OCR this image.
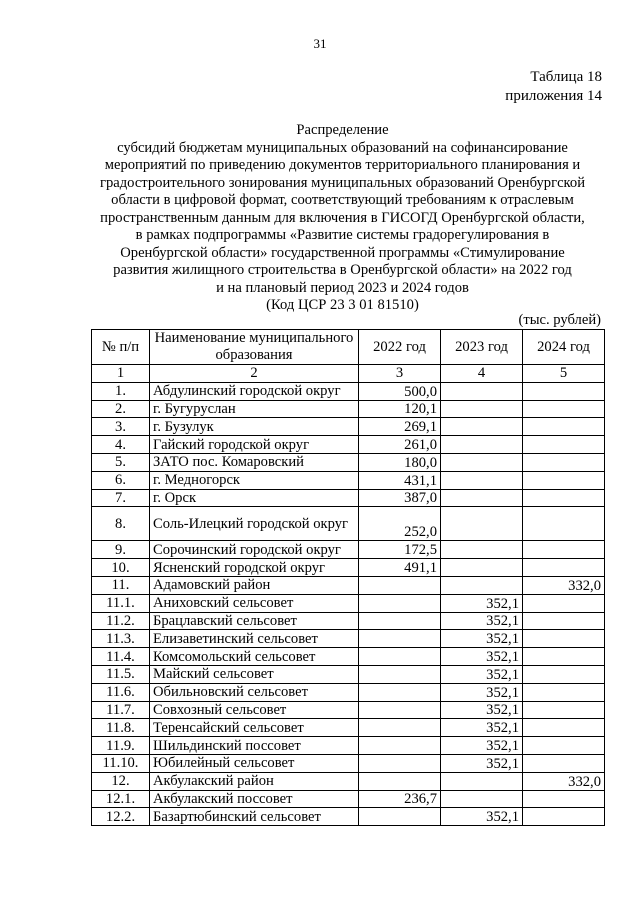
31
Таблица 18
приложения 14
Распределение
субсидий бюджетам муниципальных образований на софинансирование
мероприятий по приведению документов территориального планирования и
градостроительного зонирования муниципальных образований Оренбургской
области в цифровой формат, соответствующий требованиям к отраслевым
пространственным данным для включения в ГИСОГД Оренбургской области,
в рамках подпрограммы «Развитие системы градорегулирования в
Оренбургской области» государственной программы «Стимулирование
развития жилищного строительства в Оренбургской области» на 2022 год
и на плановый период 2023 и 2024 годов
(Код ЦСР 23 3 01 81510)
(тыс. рублей)
№ п/п	Наименование муниципального образования	2022 год	2023 год	2024 год
1	2	3	4	5
1.	Абдулинский городской округ	500,0		
2.	г. Бугуруслан	120,1		
3.	г. Бузулук	269,1		
4.	Гайский городской округ	261,0		
5.	ЗАТО пос. Комаровский	180,0		
6.	г. Медногорск	431,1		
7.	г. Орск	387,0		
8.	Соль-Илецкий городской округ	252,0		
9.	Сорочинский городской округ	172,5		
10.	Ясненский городской округ	491,1		
11.	Адамовский район			332,0
11.1.	Аниховский сельсовет		352,1	
11.2.	Брацлавский сельсовет		352,1	
11.3.	Елизаветинский сельсовет		352,1	
11.4.	Комсомольский сельсовет		352,1	
11.5.	Майский сельсовет		352,1	
11.6.	Обильновский сельсовет		352,1	
11.7.	Совхозный сельсовет		352,1	
11.8.	Теренсайский сельсовет		352,1	
11.9.	Шильдинский поссовет		352,1	
11.10.	Юбилейный сельсовет		352,1	
12.	Акбулакский район			332,0
12.1.	Акбулакский поссовет	236,7		
12.2.	Базартюбинский сельсовет		352,1	
